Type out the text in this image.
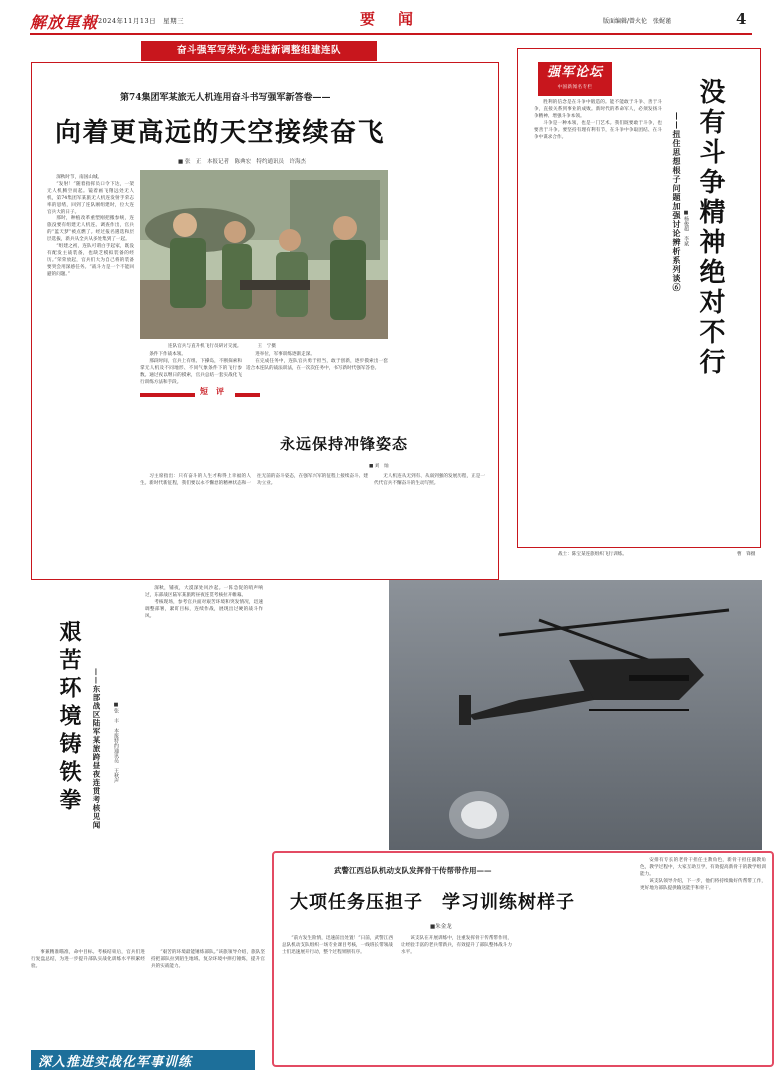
解放軍報 2024年11月13日　星期三	要　闻	版面编辑/曾火伦　张娓谨	4
奋斗强军写荣光·走进新调整组建连队
第74集团军某旅无人机连用奋斗书写强军新答卷——
向着更高远的天空接续奋飞
■ 张　正　本报记者　陈典宏　特约通讯员　许海杰

深秋时节，南国山城。

“发射！”随着指挥员口令下达，一架无人机腾空而起。镜着画飞翔远处无人机，第74集团军某旅无人机连发射手荣志率的思绪，回到了连队刚组建时，位大连官兵大的日子。

那时，种植改革重塑刚把搬参统，连旅没要有组建无人机连。调查作出，官兵的“蓝天梦”被点燃了。经过报名遴选和层层选拔，新兵从全兵从多处集到了一起。

“组建之初，连队可谓白手起家，既没有配发主战装备，也缺乏模拟装备的经历。”荣荣放起，官兵们大为自己将的装备要突会用深感任务。“战斗力是一个不能回避的问题。”

连队官兵与直升机飞行员研讨交流。　　　　王　宁摄

条件下作战本领。

那段时间，官兵上有组、下操岛，不断探索和掌无人机及不同地形、不同气象条件下的飞行参数。通过夜以继日的摸索，官兵总结一套实战化飞行训练方法和手段。

进举位，军事训练逐渐走深。

在完成任务中，连队官兵勇于担当，敢于创新，逐步摸索出一套适合本连队的战法训法，在一次次任务中，书写新时代强军答卷。

短　评
永远保持冲锋姿态
■ 刘　灿

习主席指出：只有奋斗的人生才称得上幸福的人生。新时代新征程，我们要以永不懈怠的精神状态和一往无前的奋斗姿态，在强军兴军的征程上接续奋斗、建功立业。

无人机连从无到有、从弱到强的发展历程，正是一代代官兵不懈奋斗的生动写照。

强军论坛
中国新闻名专栏	没有斗争精神绝对不行
——扭住思想根子问题加强讨论辨析系列谈⑥ ■杨俊超　李斌

胜利的信念是在斗争中锻造的。能不能敢于斗争、善于斗争，直接关系到事业的成败。新时代的革命军人，必须发扬斗争精神、增强斗争本领。

斗争是一种本领，也是一门艺术。我们既要敢于斗争，也要善于斗争。要坚持有理有利有节，在斗争中争取团结、在斗争中谋求合作。

战士：陈宝某连旅组织飞行训练。	曹　锋摄
艰苦环境铸铁拳 ——东部战区陆军某旅跨昼夜连贯考核见闻 ■张　丰　本报特约通讯员　王秋声

深秋，铺夜，大漠深处风沙起。一阵急促的哨声响过，东部战区陆军某旅跨昼夜连贯考核拉开帷幕。

考核现场，参考官兵面对艰苦环境和突发情况，迅速调整部署，紧盯目标，连续作战，展现出过硬的战斗作风。

事兼精准瞄准，命中目标。考核结束后，官兵们进行复盘总结，为进一步提升部队实战化训练水平积累经验。

“艰苦的环境最能锤炼部队。”该旅领导介绍，旅队坚持把部队拉到陌生地域、复杂环境中摔打锤炼，提升官兵的实战能力。

武警江西总队机动支队发挥骨干传帮带作用——
大项任务压担子　学习训练树样子
■朱金龙

“前方发生险情，迅速前出处置！”日前，武警江西总队机动支队组织一场专业课目考核，一线班长带领战士们迅速展开行动，整个过程果断有序。

该支队在开展训练中，注重发挥骨干传帮带作用，让经验丰富的老兵带新兵，有效提升了部队整体战斗力水平。

安排有专长的老骨干担任主教角色，新骨干担任副教角色，教学过程中，大家互助互学，有效提高新骨干的教学组训能力。

该支队领导介绍，下一步，他们将持续做好传帮带工作，更好地为部队提供输送能手和骨干。

深入推进实战化军事训练
